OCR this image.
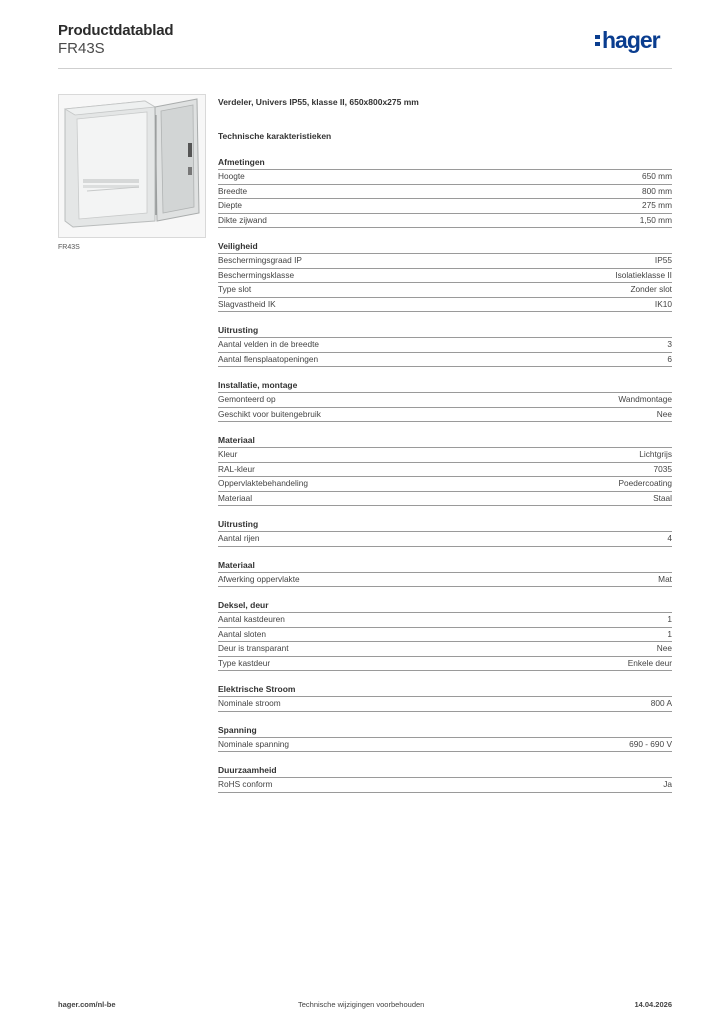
Productdatablad
FR43S	hager
FR43S
Verdeler, Univers IP55, klasse II, 650x800x275 mm
Technische karakteristieken
Afmetingen
Hoogte	650 mm
Breedte	800 mm
Diepte	275 mm
Dikte zijwand	1,50 mm
Veiligheid
Beschermingsgraad IP	IP55
Beschermingsklasse	Isolatieklasse II
Type slot	Zonder slot
Slagvastheid IK	IK10
Uitrusting
Aantal velden in de breedte	3
Aantal flensplaatopeningen	6
Installatie, montage
Gemonteerd op	Wandmontage
Geschikt voor buitengebruik	Nee
Materiaal
Kleur	Lichtgrijs
RAL-kleur	7035
Oppervlaktebehandeling	Poedercoating
Materiaal	Staal
Uitrusting
Aantal rijen	4
Materiaal
Afwerking oppervlakte	Mat
Deksel, deur
Aantal kastdeuren	1
Aantal sloten	1
Deur is transparant	Nee
Type kastdeur	Enkele deur
Elektrische Stroom
Nominale stroom	800 A
Spanning
Nominale spanning	690 - 690 V
Duurzaamheid
RoHS conform	Ja
hager.com/nl-be	Technische wijzigingen voorbehouden	14.04.2026
